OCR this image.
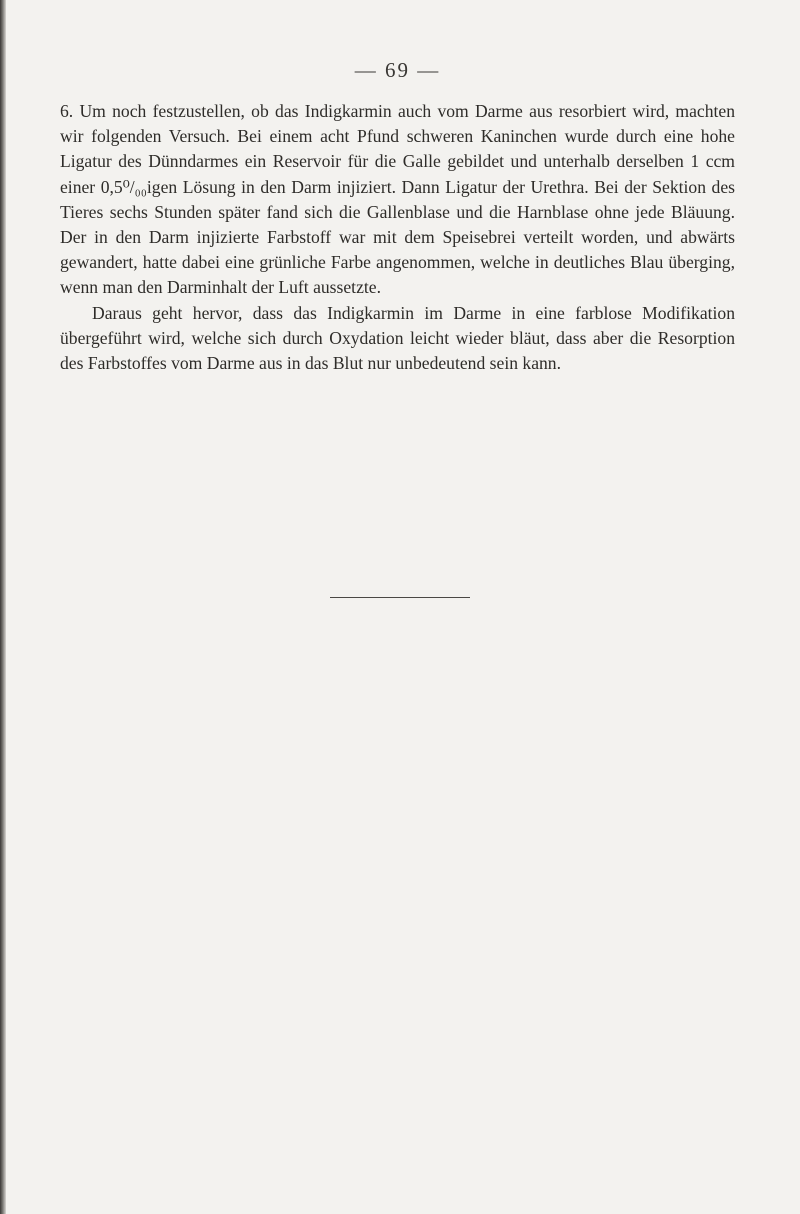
— 69 —

6. Um noch festzustellen, ob das Indigkarmin auch vom Darme aus resorbiert wird, machten wir folgenden Versuch. Bei einem acht Pfund schweren Kaninchen wurde durch eine hohe Ligatur des Dünndarmes ein Reservoir für die Galle gebildet und unterhalb derselben 1 ccm einer 0,5⁰/₀₀igen Lösung in den Darm injiziert. Dann Ligatur der Urethra. Bei der Sektion des Tieres sechs Stunden später fand sich die Gallenblase und die Harnblase ohne jede Bläuung. Der in den Darm injizierte Farbstoff war mit dem Speisebrei verteilt worden, und abwärts gewandert, hatte dabei eine grünliche Farbe angenommen, welche in deutliches Blau überging, wenn man den Darminhalt der Luft aussetzte.

Daraus geht hervor, dass das Indigkarmin im Darme in eine farblose Modifikation übergeführt wird, welche sich durch Oxydation leicht wieder bläut, dass aber die Resorption des Farbstoffes vom Darme aus in das Blut nur unbedeutend sein kann.
